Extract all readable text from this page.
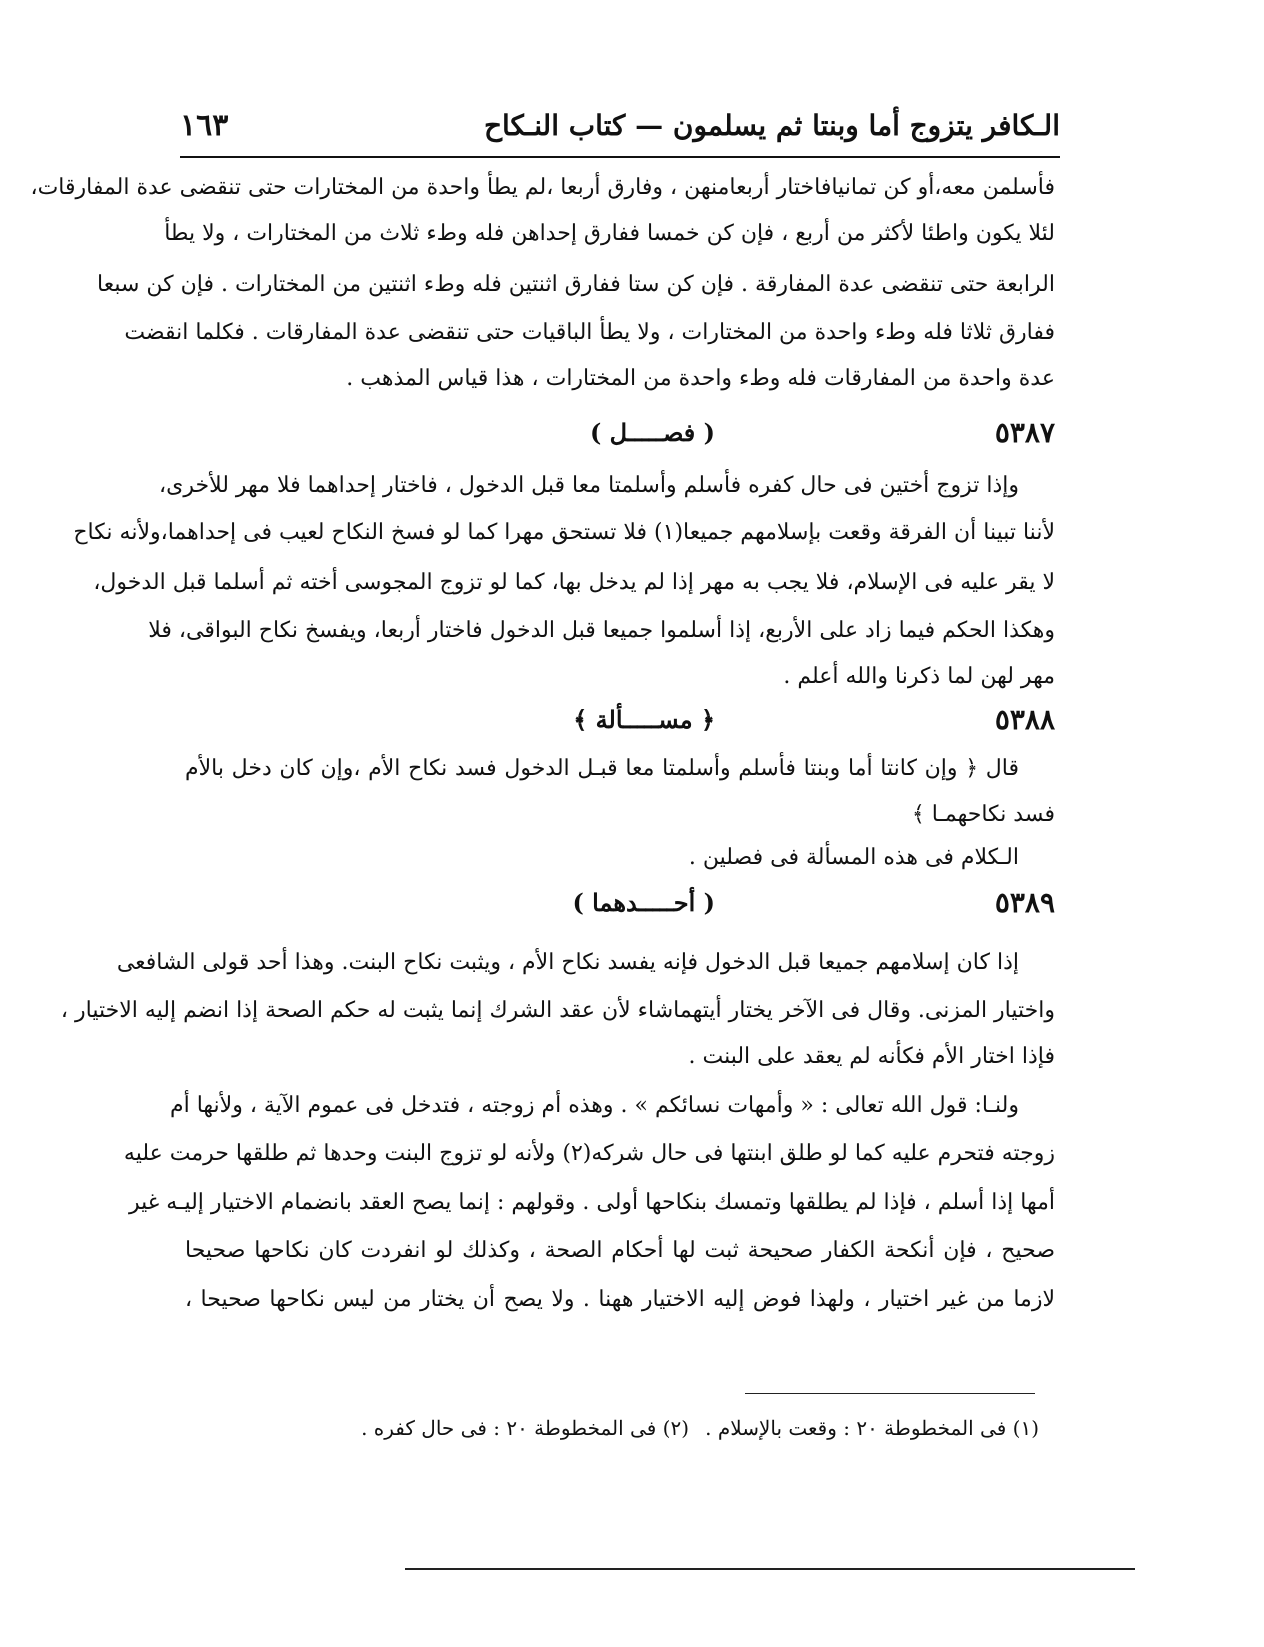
الـكافر يتزوج أما وبنتا ثم يسلمون — كتاب النـكاح
١٦٣
فأسلمن معه،أو كن تمانيافاختار أربعامنهن ، وفارق أربعا ،لم يطأ واحدة من المختارات حتى تنقضى عدة المفارقات،
لئلا يكون واطئا لأكثر من أربع ، فإن كن خمسا ففارق إحداهن فله وطء ثلاث من المختارات ، ولا يطأ
الرابعة حتى تنقضى عدة المفارقة . فإن كن ستا ففارق اثنتين فله وطء اثنتين من المختارات . فإن كن سبعا
ففارق ثلاثا فله وطء واحدة من المختارات ، ولا يطأ الباقيات حتى تنقضى عدة المفارقات . فكلما انقضت
عدة واحدة من المفارقات فله وطء واحدة من المختارات ، هذا قياس المذهب .
٥٣٨٧
( فصـــــل )
وإذا تزوج أختين فى حال كفره فأسلم وأسلمتا معا قبل الدخول ، فاختار إحداهما فلا مهر للأخرى،
لأننا تبينا أن الفرقة وقعت بإسلامهم جميعا(١) فلا تستحق مهرا كما لو فسخ النكاح لعيب فى إحداهما،ولأنه نكاح
لا يقر عليه فى الإسلام، فلا يجب به مهر إذا لم يدخل بها، كما لو تزوج المجوسى أخته ثم أسلما قبل الدخول،
وهكذا الحكم فيما زاد على الأربع، إذا أسلموا جميعا قبل الدخول فاختار أربعا، ويفسخ نكاح البواقى، فلا
مهر لهن لما ذكرنا والله أعلم .
٥٣٨٨
﴿ مســـــألة ﴾
قال ﴿ وإن كانتا أما وبنتا فأسلم وأسلمتا معا قبـل الدخول فسد نكاح الأم ،وإن كان دخل بالأم
فسد نكاحهمـا ﴾
الـكلام فى هذه المسألة فى فصلين .
٥٣٨٩
( أحـــــدهما )
إذا كان إسلامهم جميعا قبل الدخول فإنه يفسد نكاح الأم ، ويثبت نكاح البنت. وهذا أحد قولى الشافعى
واختيار المزنى. وقال فى الآخر يختار أيتهماشاء لأن عقد الشرك إنما يثبت له حكم الصحة إذا انضم إليه الاختيار ،
فإذا اختار الأم فكأنه لم يعقد على البنت .
ولنـا: قول الله تعالى : « وأمهات نسائكم » . وهذه أم زوجته ، فتدخل فى عموم الآية ، ولأنها أم
زوجته فتحرم عليه كما لو طلق ابنتها فى حال شركه(٢) ولأنه لو تزوج البنت وحدها ثم طلقها حرمت عليه
أمها إذا أسلم ، فإذا لم يطلقها وتمسك بنكاحها أولى . وقولهم : إنما يصح العقد بانضمام الاختيار إليـه غير
صحيح ، فإن أنكحة الكفار صحيحة ثبت لها أحكام الصحة ، وكذلك لو انفردت كان نكاحها صحيحا
لازما من غير اختيار ، ولهذا فوض إليه الاختيار ههنا . ولا يصح أن يختار من ليس نكاحها صحيحا ،
(١) فى المخطوطة ٢٠ : وقعت بالإسلام .
(٢) فى المخطوطة ٢٠ : فى حال كفره .
